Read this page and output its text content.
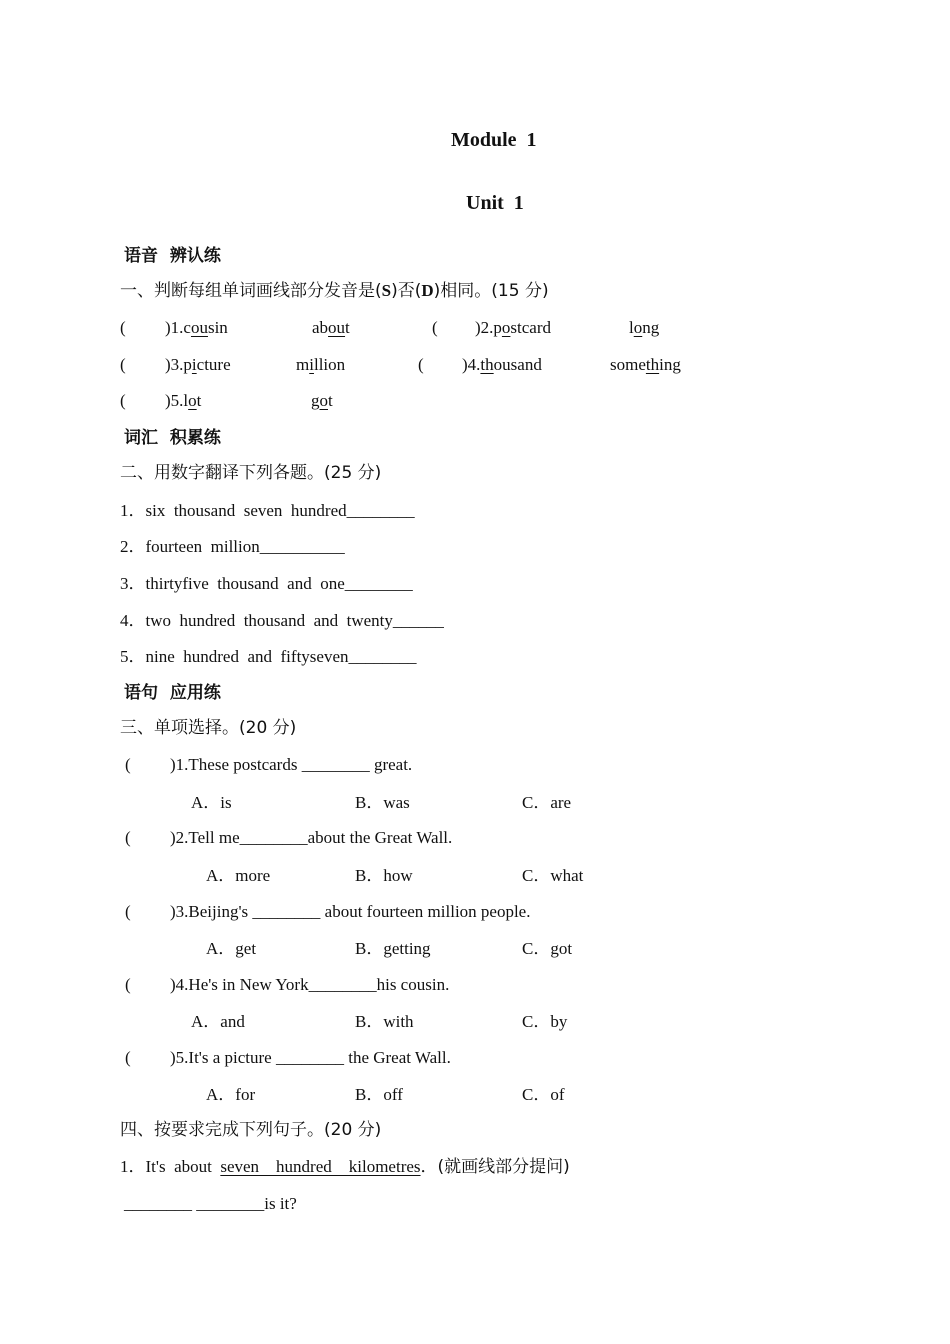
Module  1
Unit  1
语音  辨认练
一、判断每组单词画线部分发音是(S)否(D)相同。(15 分)
( )1.cousin	about	( )2.postcard	long
( )3.picture	million	( )4.thousand	something
( )5.lot	got
词汇  积累练
二、用数字翻译下列各题。(25 分)
1．six  thousand  seven  hundred________
2．fourteen  million__________
3．thirtyfive  thousand  and  one________
4．two  hundred  thousand  and  twenty______
5．nine  hundred  and  fiftyseven________
语句  应用练
三、单项选择。(20 分)
( )1.These postcards ________ great.
A．is	B．was	C．are
( )2.Tell me________about the Great Wall.
A．more	B．how	C．what
( )3.Beijing's ________ about fourteen million people.
A．get	B．getting	C．got
( )4.He's in New York________his cousin.
A．and	B．with	C．by
( )5.It's a picture ________ the Great Wall.
A．for	B．off	C．of
四、按要求完成下列句子。(20 分)
1．It's  about  seven    hundred    kilometres．(就画线部分提问)
________ ________is it?
